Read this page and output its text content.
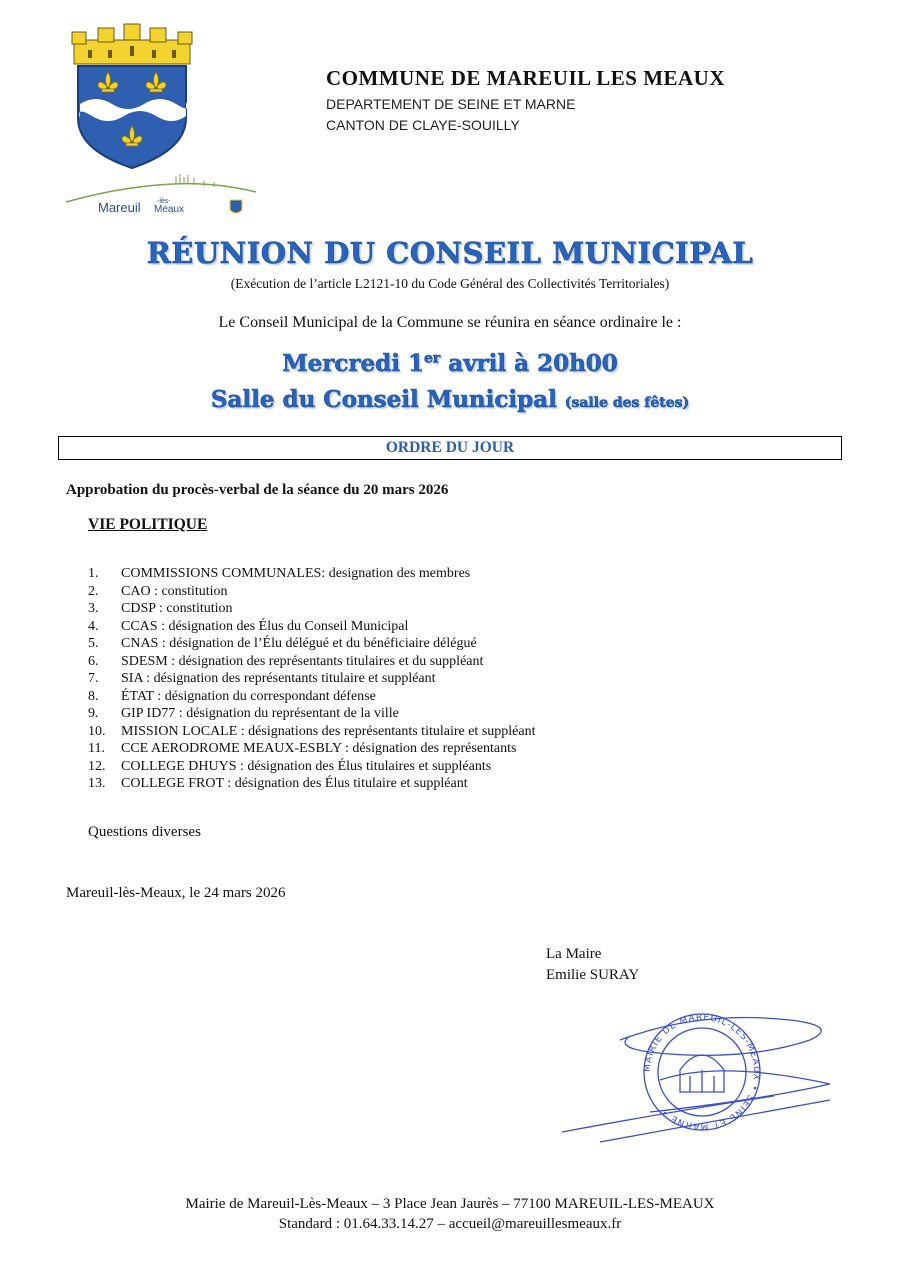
Mareuil -lès-
Meaux
COMMUNE DE MAREUIL LES MEAUX
DEPARTEMENT DE SEINE ET MARNE
CANTON DE CLAYE-SOUILLY
RÉUNION DU CONSEIL MUNICIPAL
(Exécution de l’article L2121-10 du Code Général des Collectivités Territoriales)
Le Conseil Municipal de la Commune se réunira en séance ordinaire le :
Mercredi 1er avril à 20h00
Salle du Conseil Municipal (salle des fêtes)
ORDRE DU JOUR
Approbation du procès-verbal de la séance du 20 mars 2026
VIE POLITIQUE
1.	COMMISSIONS COMMUNALES: designation des membres
2.	CAO : constitution
3.	CDSP : constitution
4.	CCAS : désignation des Élus du Conseil Municipal
5.	CNAS : désignation de l’Élu délégué et du bénéficiaire délégué
6.	SDESM : désignation des représentants titulaires et du suppléant
7.	SIA : désignation des représentants titulaire et suppléant
8.	ÉTAT : désignation du correspondant défense
9.	GIP ID77 : désignation du représentant de la ville
10.	MISSION LOCALE : désignations des représentants titulaire et suppléant
11.	CCE AERODROME MEAUX-ESBLY : désignation des représentants
12.	COLLEGE DHUYS : désignation des Élus titulaires et suppléants
13.	COLLEGE FROT : désignation des Élus titulaire et suppléant
Questions diverses
Mareuil-lès-Meaux, le 24 mars 2026
La Maire
Emilie SURAY
MAIRIE DE MAREUIL-LES-MEAUX • SEINE ET MARNE •
Mairie de Mareuil-Lès-Meaux – 3 Place Jean Jaurès – 77100 MAREUIL-LES-MEAUX
Standard : 01.64.33.14.27 – accueil@mareuillesmeaux.fr
